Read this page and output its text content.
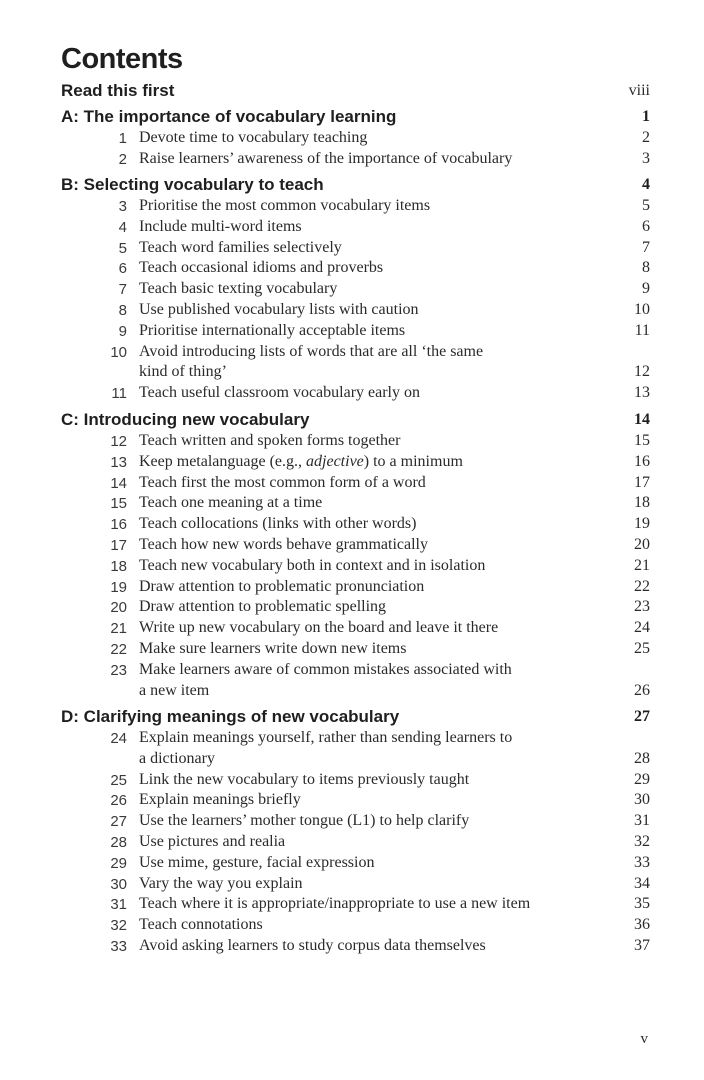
Contents
Read this first	viii
A: The importance of vocabulary learning	1
1 Devote time to vocabulary teaching	2
2 Raise learners’ awareness of the importance of vocabulary	3
B: Selecting vocabulary to teach	4
3 Prioritise the most common vocabulary items	5
4 Include multi-word items	6
5 Teach word families selectively	7
6 Teach occasional idioms and proverbs	8
7 Teach basic texting vocabulary	9
8 Use published vocabulary lists with caution	10
9 Prioritise internationally acceptable items	11
10 Avoid introducing lists of words that are all ‘the same
kind of thing’	12
11 Teach useful classroom vocabulary early on	13
C: Introducing new vocabulary	14
12 Teach written and spoken forms together	15
13 Keep metalanguage (e.g., adjective) to a minimum	16
14 Teach first the most common form of a word	17
15 Teach one meaning at a time	18
16 Teach collocations (links with other words)	19
17 Teach how new words behave grammatically	20
18 Teach new vocabulary both in context and in isolation	21
19 Draw attention to problematic pronunciation	22
20 Draw attention to problematic spelling	23
21 Write up new vocabulary on the board and leave it there	24
22 Make sure learners write down new items	25
23 Make learners aware of common mistakes associated with
a new item	26
D: Clarifying meanings of new vocabulary	27
24 Explain meanings yourself, rather than sending learners to
a dictionary	28
25 Link the new vocabulary to items previously taught	29
26 Explain meanings briefly	30
27 Use the learners’ mother tongue (L1) to help clarify	31
28 Use pictures and realia	32
29 Use mime, gesture, facial expression	33
30 Vary the way you explain	34
31 Teach where it is appropriate/inappropriate to use a new item	35
32 Teach connotations	36
33 Avoid asking learners to study corpus data themselves	37
v
